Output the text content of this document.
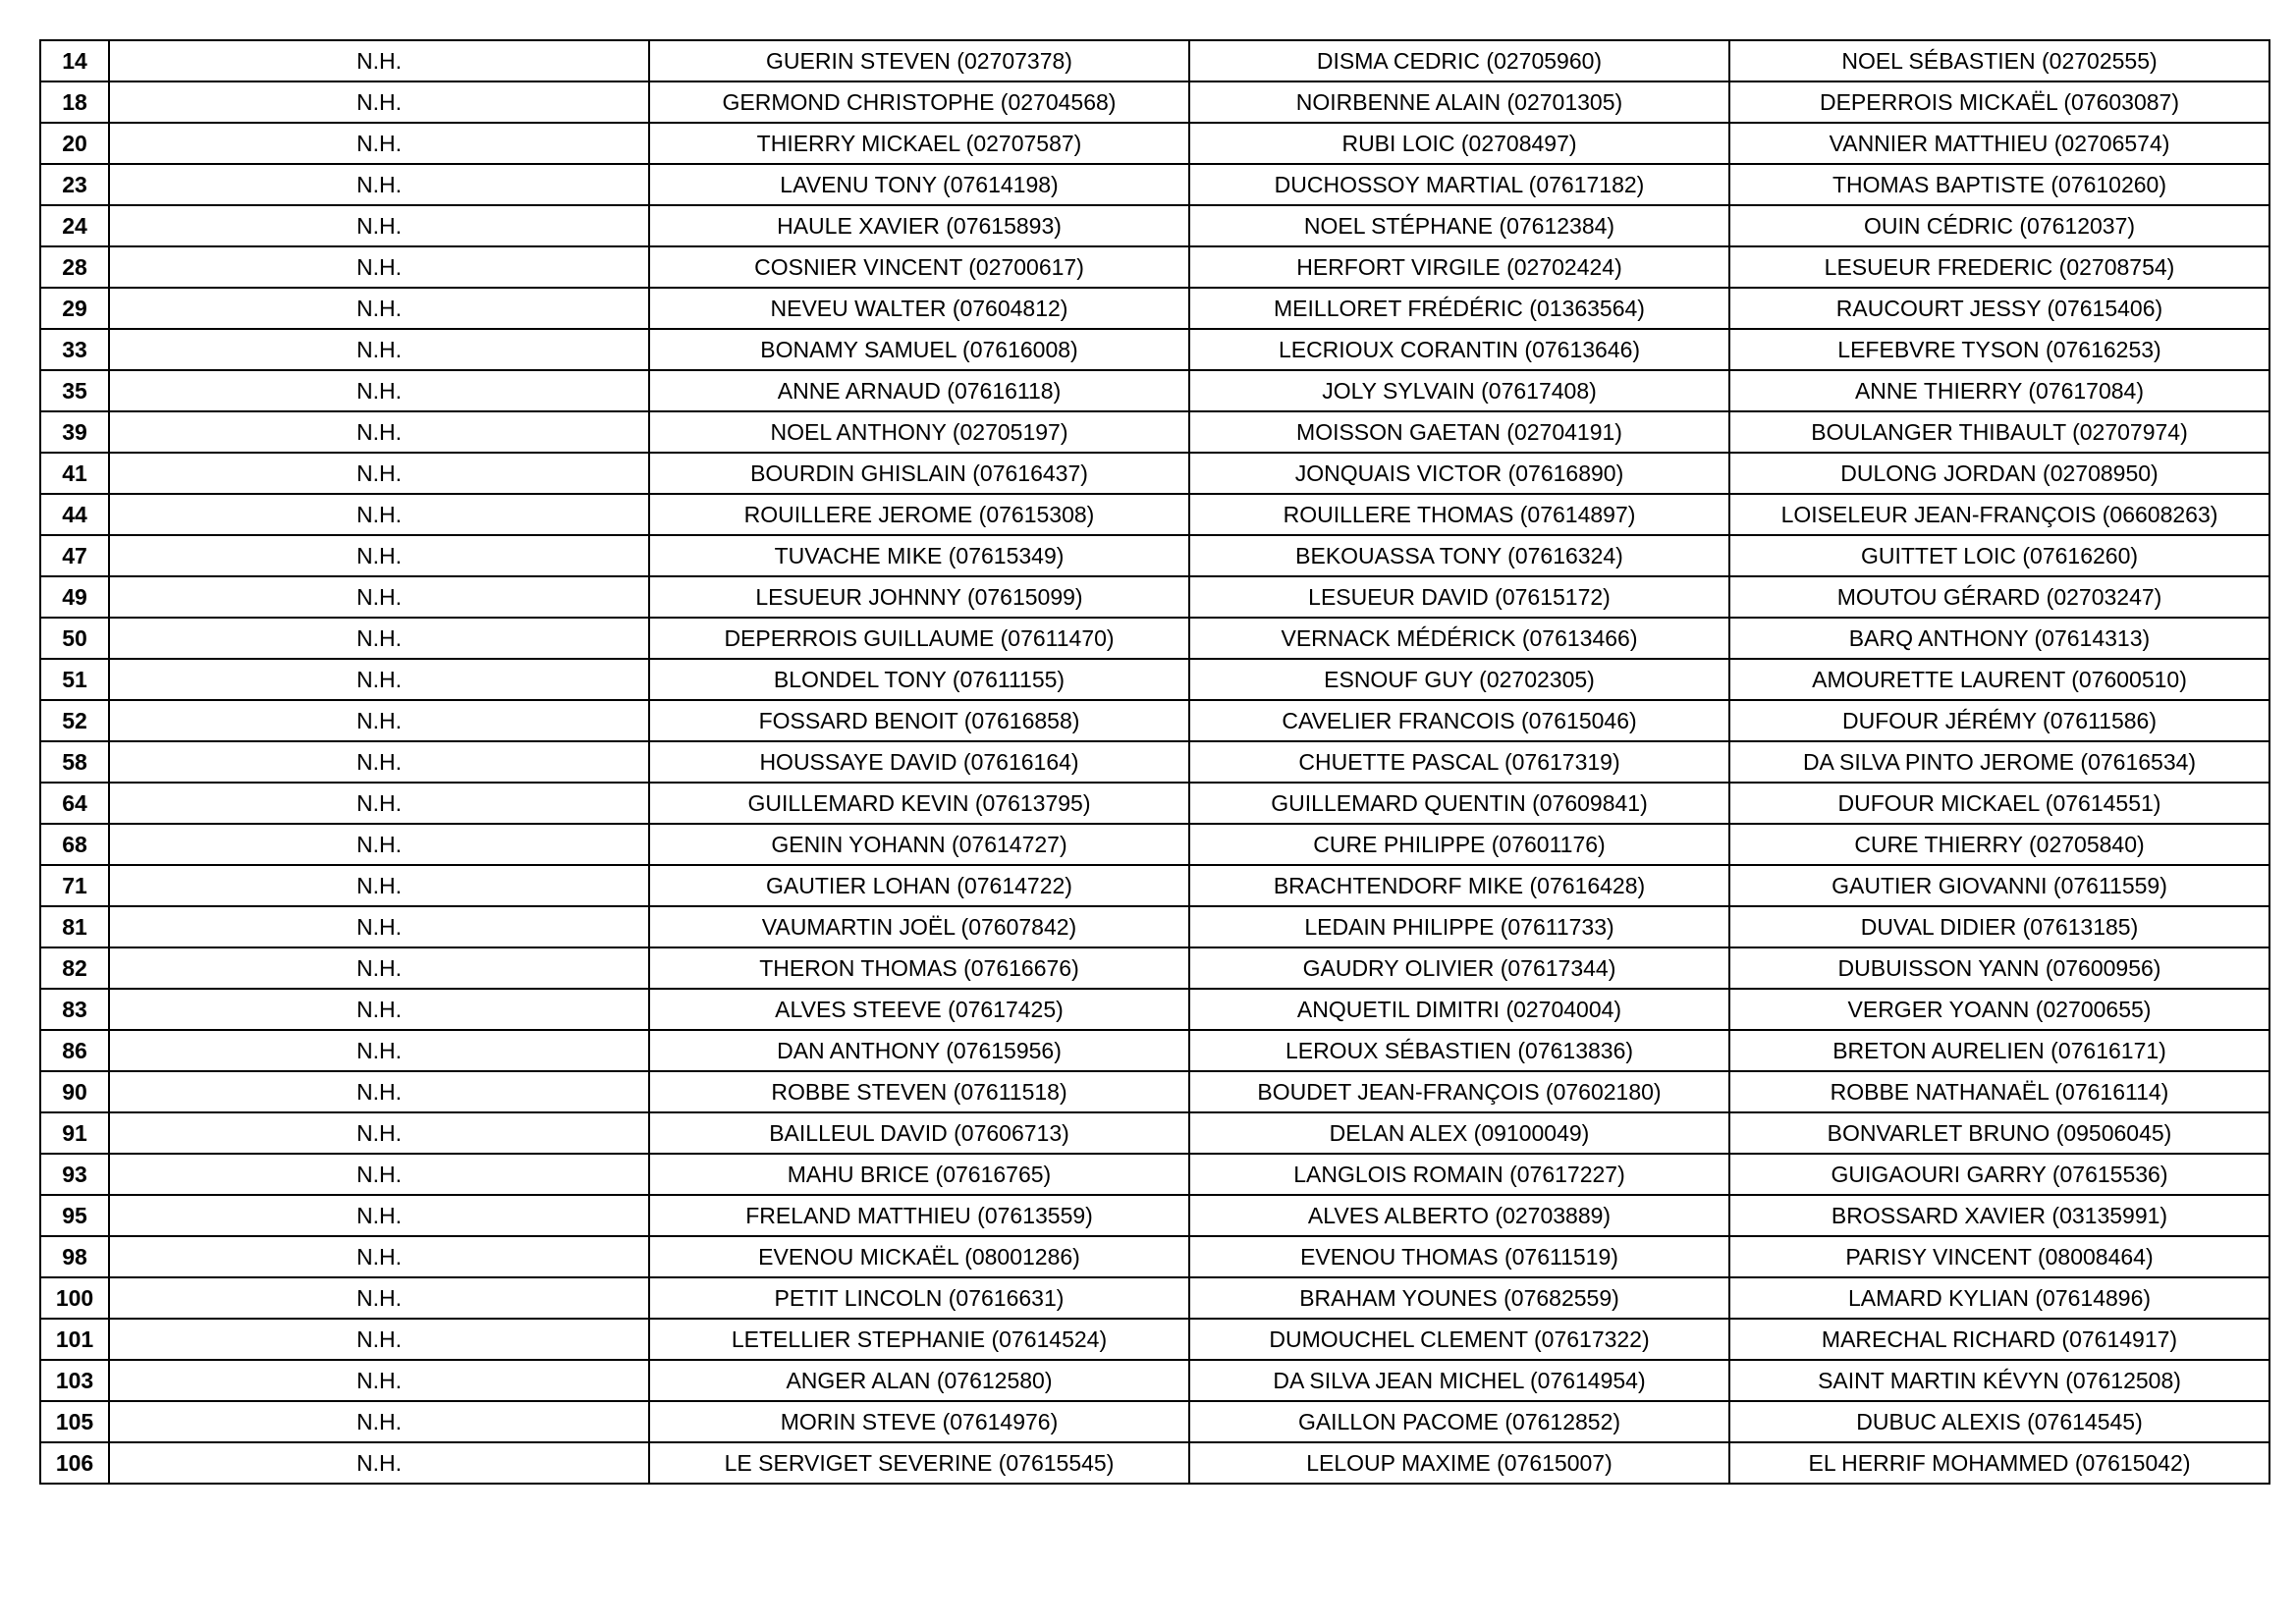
14	N.H.	GUERIN STEVEN (02707378)	DISMA CEDRIC (02705960)	NOEL SÉBASTIEN (02702555)
18	N.H.	GERMOND CHRISTOPHE (02704568)	NOIRBENNE ALAIN (02701305)	DEPERROIS MICKAËL (07603087)
20	N.H.	THIERRY MICKAEL (02707587)	RUBI LOIC (02708497)	VANNIER MATTHIEU (02706574)
23	N.H.	LAVENU TONY (07614198)	DUCHOSSOY MARTIAL (07617182)	THOMAS BAPTISTE (07610260)
24	N.H.	HAULE XAVIER (07615893)	NOEL STÉPHANE (07612384)	OUIN CÉDRIC (07612037)
28	N.H.	COSNIER VINCENT (02700617)	HERFORT VIRGILE (02702424)	LESUEUR FREDERIC (02708754)
29	N.H.	NEVEU WALTER (07604812)	MEILLORET FRÉDÉRIC (01363564)	RAUCOURT JESSY (07615406)
33	N.H.	BONAMY SAMUEL (07616008)	LECRIOUX CORANTIN (07613646)	LEFEBVRE TYSON (07616253)
35	N.H.	ANNE ARNAUD (07616118)	JOLY SYLVAIN (07617408)	ANNE THIERRY (07617084)
39	N.H.	NOEL ANTHONY (02705197)	MOISSON GAETAN (02704191)	BOULANGER THIBAULT (02707974)
41	N.H.	BOURDIN GHISLAIN (07616437)	JONQUAIS VICTOR (07616890)	DULONG JORDAN (02708950)
44	N.H.	ROUILLERE JEROME (07615308)	ROUILLERE THOMAS (07614897)	LOISELEUR JEAN-FRANÇOIS (06608263)
47	N.H.	TUVACHE MIKE (07615349)	BEKOUASSA TONY (07616324)	GUITTET LOIC (07616260)
49	N.H.	LESUEUR JOHNNY (07615099)	LESUEUR DAVID (07615172)	MOUTOU GÉRARD (02703247)
50	N.H.	DEPERROIS GUILLAUME (07611470)	VERNACK MÉDÉRICK (07613466)	BARQ ANTHONY (07614313)
51	N.H.	BLONDEL TONY (07611155)	ESNOUF GUY (02702305)	AMOURETTE LAURENT (07600510)
52	N.H.	FOSSARD BENOIT (07616858)	CAVELIER FRANCOIS (07615046)	DUFOUR JÉRÉMY (07611586)
58	N.H.	HOUSSAYE DAVID (07616164)	CHUETTE PASCAL (07617319)	DA SILVA PINTO JEROME (07616534)
64	N.H.	GUILLEMARD KEVIN (07613795)	GUILLEMARD QUENTIN (07609841)	DUFOUR MICKAEL (07614551)
68	N.H.	GENIN YOHANN (07614727)	CURE PHILIPPE (07601176)	CURE THIERRY (02705840)
71	N.H.	GAUTIER LOHAN (07614722)	BRACHTENDORF MIKE (07616428)	GAUTIER GIOVANNI (07611559)
81	N.H.	VAUMARTIN JOËL (07607842)	LEDAIN PHILIPPE (07611733)	DUVAL DIDIER (07613185)
82	N.H.	THERON THOMAS (07616676)	GAUDRY OLIVIER (07617344)	DUBUISSON YANN (07600956)
83	N.H.	ALVES STEEVE (07617425)	ANQUETIL DIMITRI (02704004)	VERGER YOANN (02700655)
86	N.H.	DAN ANTHONY (07615956)	LEROUX SÉBASTIEN (07613836)	BRETON AURELIEN (07616171)
90	N.H.	ROBBE STEVEN (07611518)	BOUDET JEAN-FRANÇOIS (07602180)	ROBBE NATHANAËL (07616114)
91	N.H.	BAILLEUL DAVID (07606713)	DELAN ALEX (09100049)	BONVARLET BRUNO (09506045)
93	N.H.	MAHU BRICE (07616765)	LANGLOIS ROMAIN (07617227)	GUIGAOURI GARRY (07615536)
95	N.H.	FRELAND MATTHIEU (07613559)	ALVES ALBERTO (02703889)	BROSSARD XAVIER (03135991)
98	N.H.	EVENOU MICKAËL (08001286)	EVENOU THOMAS (07611519)	PARISY VINCENT (08008464)
100	N.H.	PETIT LINCOLN (07616631)	BRAHAM YOUNES (07682559)	LAMARD KYLIAN (07614896)
101	N.H.	LETELLIER STEPHANIE (07614524)	DUMOUCHEL CLEMENT (07617322)	MARECHAL RICHARD (07614917)
103	N.H.	ANGER ALAN (07612580)	DA SILVA JEAN MICHEL (07614954)	SAINT MARTIN KÉVYN (07612508)
105	N.H.	MORIN STEVE (07614976)	GAILLON PACOME (07612852)	DUBUC ALEXIS (07614545)
106	N.H.	LE SERVIGET SEVERINE (07615545)	LELOUP MAXIME (07615007)	EL HERRIF MOHAMMED (07615042)
